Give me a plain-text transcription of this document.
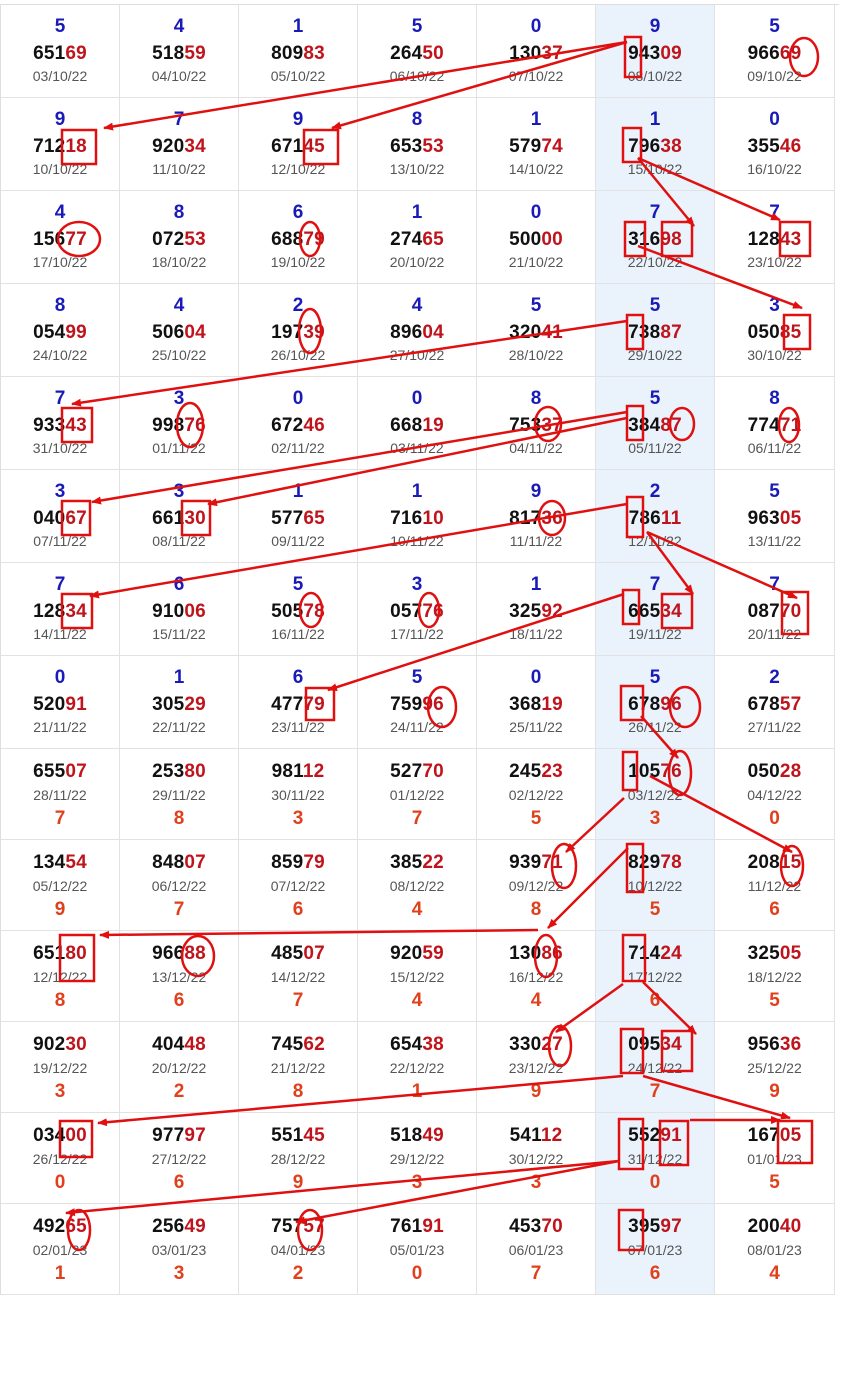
5
65169
03/10/22
4
51859
04/10/22
1
80983
05/10/22
5
26450
06/10/22
0
13037
07/10/22
9
94309
08/10/22
5
96669
09/10/22
9
71218
10/10/22
7
92034
11/10/22
9
67145
12/10/22
8
65353
13/10/22
1
57974
14/10/22
1
79638
15/10/22
0
35546
16/10/22
4
15677
17/10/22
8
07253
18/10/22
6
68879
19/10/22
1
27465
20/10/22
0
50000
21/10/22
7
31698
22/10/22
7
12843
23/10/22
8
05499
24/10/22
4
50604
25/10/22
2
19739
26/10/22
4
89604
27/10/22
5
32041
28/10/22
5
73887
29/10/22
3
05085
30/10/22
7
93343
31/10/22
3
99876
01/11/22
0
67246
02/11/22
0
66819
03/11/22
8
75337
04/11/22
5
38487
05/11/22
8
77471
06/11/22
3
04067
07/11/22
3
66130
08/11/22
1
57765
09/11/22
1
71610
10/11/22
9
81736
11/11/22
2
78611
12/11/22
5
96305
13/11/22
7
12834
14/11/22
6
91006
15/11/22
5
50578
16/11/22
3
05776
17/11/22
1
32592
18/11/22
7
66534
19/11/22
7
08770
20/11/22
0
52091
21/11/22
1
30529
22/11/22
6
47779
23/11/22
5
75996
24/11/22
0
36819
25/11/22
5
67896
26/11/22
2
67857
27/11/22
7
65507
28/11/22
8
25380
29/11/22
3
98112
30/11/22
7
52770
01/12/22
5
24523
02/12/22
3
10576
03/12/22
0
05028
04/12/22
9
13454
05/12/22
7
84807
06/12/22
6
85979
07/12/22
4
38522
08/12/22
8
93971
09/12/22
5
82978
10/12/22
6
20815
11/12/22
8
65180
12/12/22
6
96688
13/12/22
7
48507
14/12/22
4
92059
15/12/22
4
13086
16/12/22
6
71424
17/12/22
5
32505
18/12/22
3
90230
19/12/22
2
40448
20/12/22
8
74562
21/12/22
1
65438
22/12/22
9
33027
23/12/22
7
09534
24/12/22
9
95636
25/12/22
0
03400
26/12/22
6
97797
27/12/22
9
55145
28/12/22
3
51849
29/12/22
3
54112
30/12/22
0
55291
31/12/22
5
16705
01/01/23
1
49265
02/01/23
3
25649
03/01/23
2
75757
04/01/23
0
76191
05/01/23
7
45370
06/01/23
6
39597
07/01/23
4
20040
08/01/23
